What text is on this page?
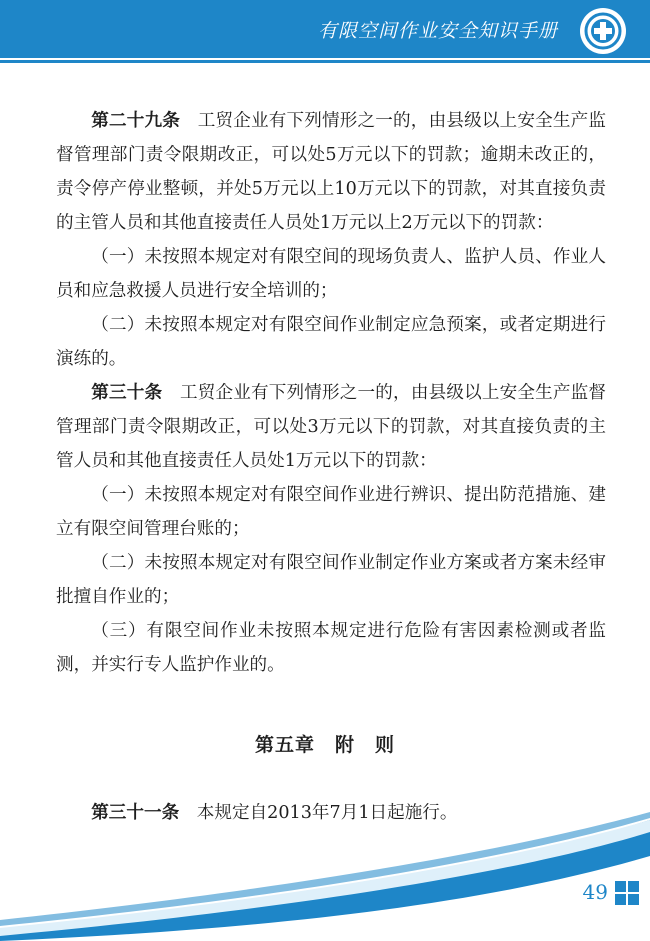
有限空间作业安全知识手册

第二十九条　 工贸企业有下列情形之一的，由县级以上安全生产监督管理部门责令限期改正，可以处5万元以下的罚款；逾期未改正的，责令停产停业整顿，并处5万元以上10万元以下的罚款，对其直接负责的主管人员和其他直接责任人员处1万元以上2万元以下的罚款：

（一）未按照本规定对有限空间的现场负责人、监护人员、作业人员和应急救援人员进行安全培训的；

（二）未按照本规定对有限空间作业制定应急预案，或者定期进行演练的。

第三十条　 工贸企业有下列情形之一的，由县级以上安全生产监督管理部门责令限期改正，可以处3万元以下的罚款，对其直接负责的主管人员和其他直接责任人员处1万元以下的罚款：

（一）未按照本规定对有限空间作业进行辨识、提出防范措施、建立有限空间管理台账的；

（二）未按照本规定对有限空间作业制定作业方案或者方案未经审批擅自作业的；

（三）有限空间作业未按照本规定进行危险有害因素检测或者监测，并实行专人监护作业的。

第五章　附　则

第三十一条　 本规定自2013年7月1日起施行。

49
